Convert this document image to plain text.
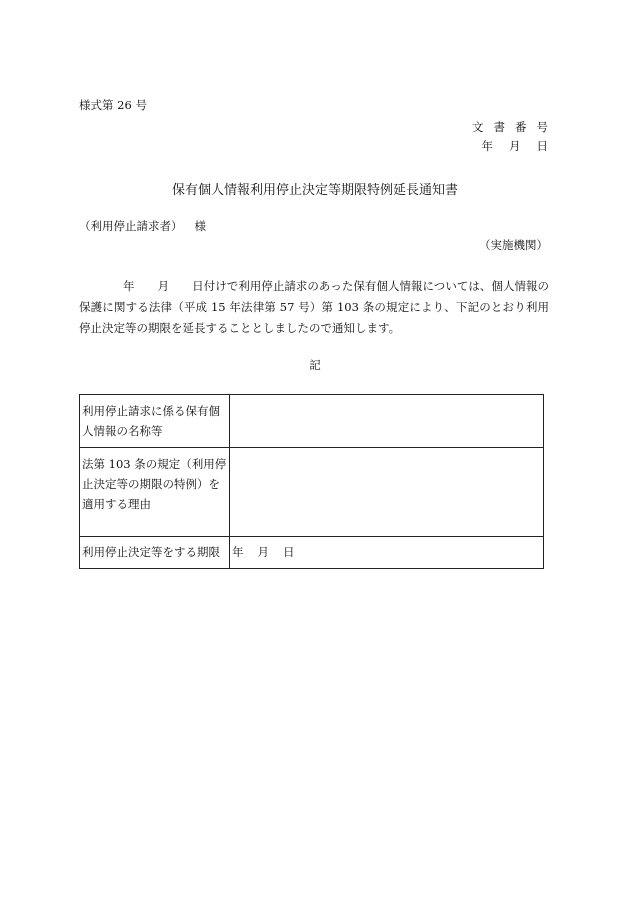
様式第 26 号
文書番号
年 月 日
保有個人情報利用停止決定等期限特例延長通知書
（利用停止請求者） 様
（実施機関）
年　　 月　　 日付けで利用停止請求のあった保有個人情報については、個人情報の保護に関する法律（平成 15 年法律第 57 号）第 103 条の規定により、下記のとおり利用停止決定等の期限を延長することとしましたので通知します。
記
利用停止請求に係る保有個人情報の名称等	
法第 103 条の規定（利用停止決定等の期限の特例）を適用する理由	
利用停止決定等をする期限	年 月 日
